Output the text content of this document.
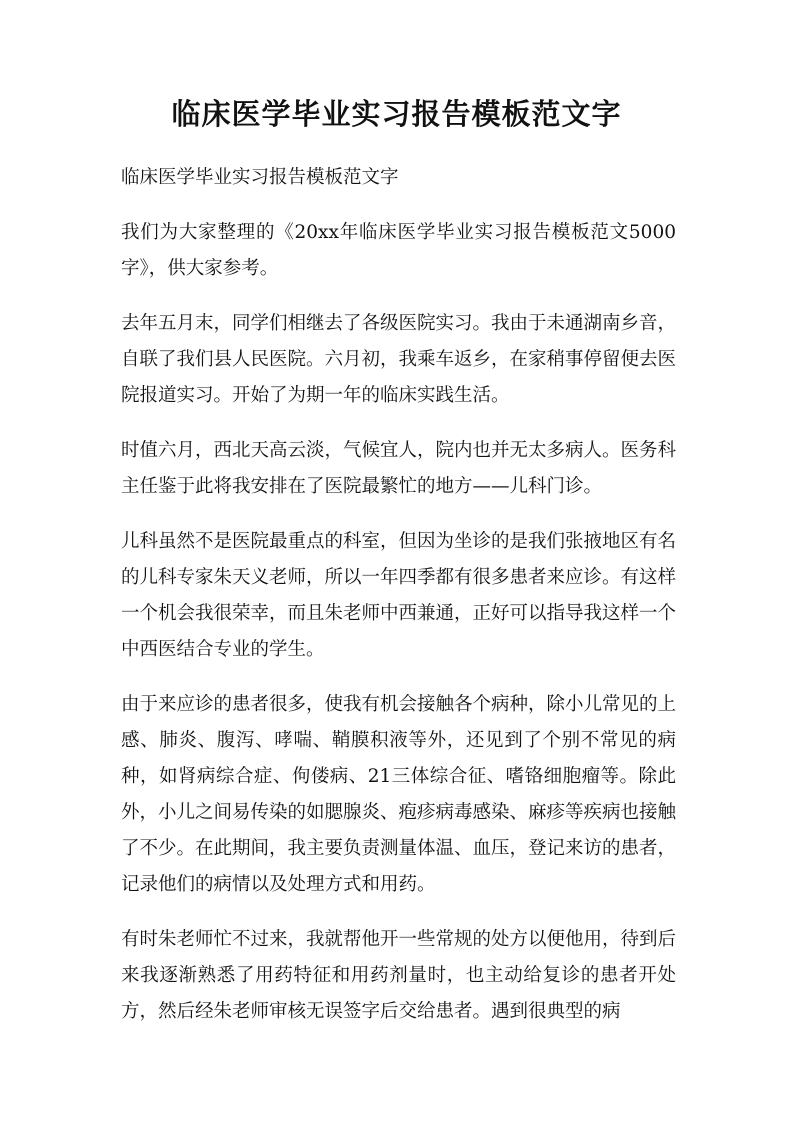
临床医学毕业实习报告模板范文字

临床医学毕业实习报告模板范文字

我们为大家整理的《20xx年临床医学毕业实习报告模板范文5000字》，供大家参考。

去年五月末，同学们相继去了各级医院实习。我由于未通湖南乡音，自联了我们县人民医院。六月初，我乘车返乡，在家稍事停留便去医院报道实习。开始了为期一年的临床实践生活。

时值六月，西北天高云淡，气候宜人，院内也并无太多病人。医务科主任鉴于此将我安排在了医院最繁忙的地方——儿科门诊。

儿科虽然不是医院最重点的科室，但因为坐诊的是我们张掖地区有名的儿科专家朱天义老师，所以一年四季都有很多患者来应诊。有这样一个机会我很荣幸，而且朱老师中西兼通，正好可以指导我这样一个中西医结合专业的学生。

由于来应诊的患者很多，使我有机会接触各个病种，除小儿常见的上感、肺炎、腹泻、哮喘、鞘膜积液等外，还见到了个别不常见的病种，如肾病综合症、佝偻病、21三体综合征、嗜铬细胞瘤等。除此外，小儿之间易传染的如腮腺炎、疱疹病毒感染、麻疹等疾病也接触了不少。在此期间，我主要负责测量体温、血压，登记来访的患者，记录他们的病情以及处理方式和用药。

有时朱老师忙不过来，我就帮他开一些常规的处方以便他用，待到后来我逐渐熟悉了用药特征和用药剂量时，也主动给复诊的患者开处方，然后经朱老师审核无误签字后交给患者。遇到很典型的病
